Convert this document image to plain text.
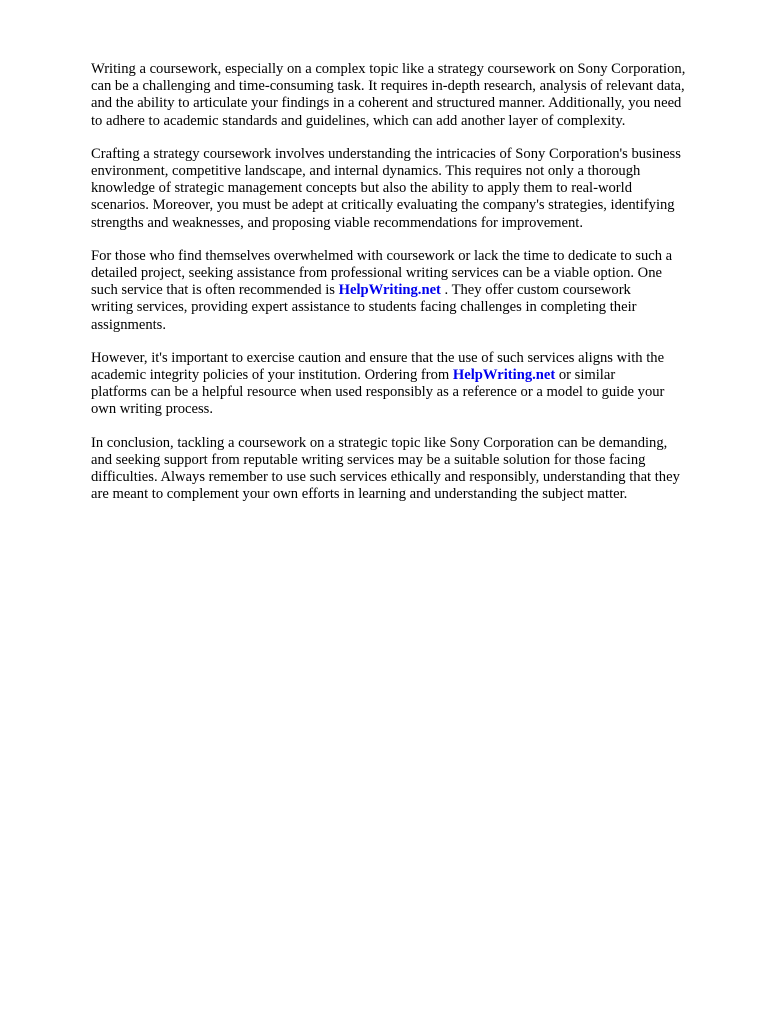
Writing a coursework, especially on a complex topic like a strategy coursework on Sony Corporation,
can be a challenging and time-consuming task. It requires in-depth research, analysis of relevant data,
and the ability to articulate your findings in a coherent and structured manner. Additionally, you need
to adhere to academic standards and guidelines, which can add another layer of complexity.

Crafting a strategy coursework involves understanding the intricacies of Sony Corporation's business
environment, competitive landscape, and internal dynamics. This requires not only a thorough
knowledge of strategic management concepts but also the ability to apply them to real-world
scenarios. Moreover, you must be adept at critically evaluating the company's strategies, identifying
strengths and weaknesses, and proposing viable recommendations for improvement.

For those who find themselves overwhelmed with coursework or lack the time to dedicate to such a
detailed project, seeking assistance from professional writing services can be a viable option. One
such service that is often recommended is HelpWriting.net . They offer custom coursework
writing services, providing expert assistance to students facing challenges in completing their
assignments.

However, it's important to exercise caution and ensure that the use of such services aligns with the
academic integrity policies of your institution. Ordering from HelpWriting.net or similar
platforms can be a helpful resource when used responsibly as a reference or a model to guide your
own writing process.

In conclusion, tackling a coursework on a strategic topic like Sony Corporation can be demanding,
and seeking support from reputable writing services may be a suitable solution for those facing
difficulties. Always remember to use such services ethically and responsibly, understanding that they
are meant to complement your own efforts in learning and understanding the subject matter.
